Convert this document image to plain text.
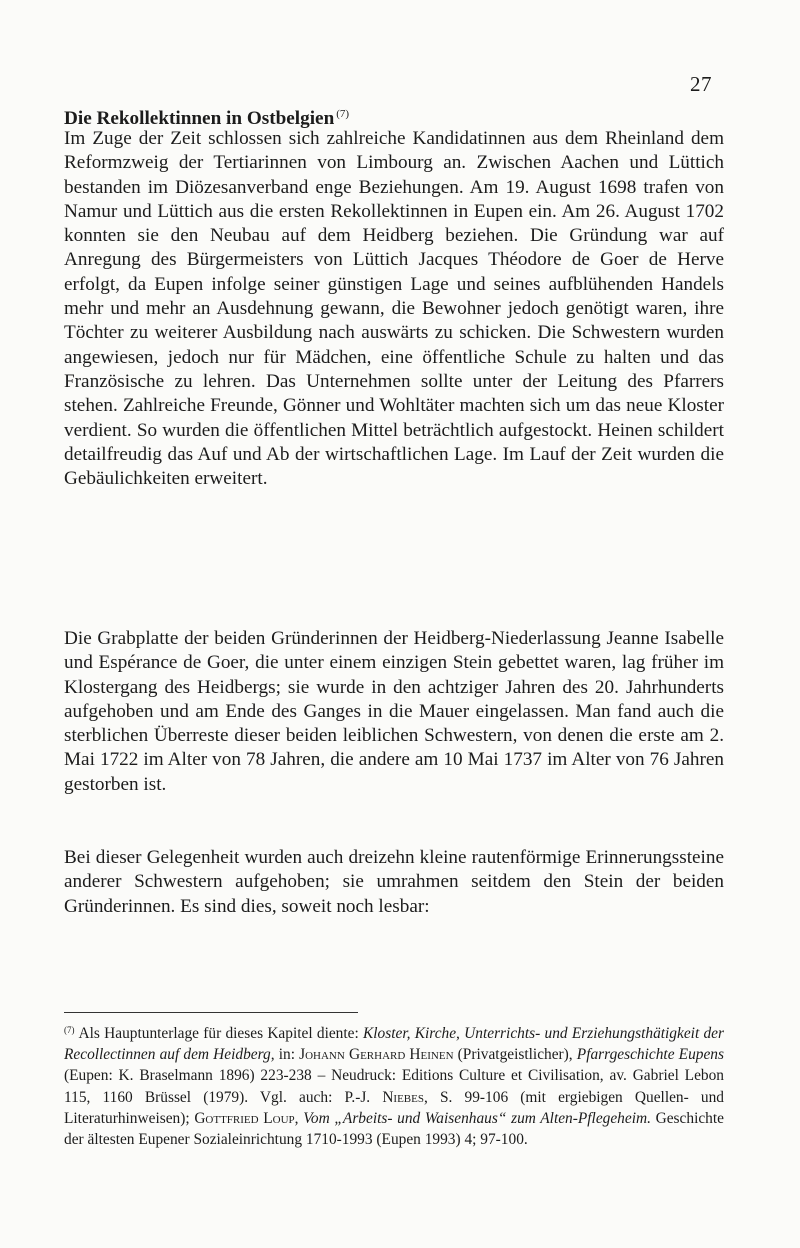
27
Die Rekollektinnen in Ostbelgien $^{(7)}$

Im Zuge der Zeit schlossen sich zahlreiche Kandidatinnen aus dem Rheinland dem Reformzweig der Tertiarinnen von Limbourg an. Zwischen Aachen und Lüttich bestanden im Diözesanverband enge Beziehungen. Am 19. August 1698 trafen von Namur und Lüttich aus die ersten Rekollektinnen in Eupen ein. Am 26. August 1702 konnten sie den Neubau auf dem Heidberg beziehen. Die Gründung war auf Anregung des Bürgermeisters von Lüttich Jacques Théodore de Goer de Herve erfolgt, da Eupen infolge seiner günstigen Lage und seines aufblühenden Handels mehr und mehr an Ausdehnung gewann, die Bewohner jedoch genötigt waren, ihre Töchter zu weiterer Ausbildung nach auswärts zu schicken. Die Schwestern wurden angewiesen, jedoch nur für Mädchen, eine öffentliche Schule zu halten und das Französische zu lehren. Das Unternehmen sollte unter der Leitung des Pfarrers stehen. Zahlreiche Freunde, Gönner und Wohltäter machten sich um das neue Kloster verdient. So wurden die öffentlichen Mittel beträchtlich aufgestockt. Heinen schildert detailfreudig das Auf und Ab der wirtschaftlichen Lage. Im Lauf der Zeit wurden die Gebäulichkeiten erweitert.

Die Grabplatte der beiden Gründerinnen der Heidberg-Niederlassung Jeanne Isabelle und Espérance de Goer, die unter einem einzigen Stein gebettet waren, lag früher im Klostergang des Heidbergs; sie wurde in den achtziger Jahren des 20. Jahrhunderts aufgehoben und am Ende des Ganges in die Mauer eingelassen. Man fand auch die sterblichen Überreste dieser beiden leiblichen Schwestern, von denen die erste am 2. Mai 1722 im Alter von 78 Jahren, die andere am 10 Mai 1737 im Alter von 76 Jahren gestorben ist.

Bei dieser Gelegenheit wurden auch dreizehn kleine rautenförmige Erinnerungssteine anderer Schwestern aufgehoben; sie umrahmen seitdem den Stein der beiden Gründerinnen. Es sind dies, soweit noch lesbar:

$^{(7)}$ Als Hauptunterlage für dieses Kapitel diente: Kloster, Kirche, Unterrichts- und Erziehungsthätigkeit der Recollectinnen auf dem Heidberg, in: Johann Gerhard Heinen (Privatgeistlicher), Pfarrgeschichte Eupens (Eupen: K. Braselmann 1896) 223-238 – Neudruck: Editions Culture et Civilisation, av. Gabriel Lebon 115, 1160 Brüssel (1979). Vgl. auch: P.-J. Niebes, S. 99-106 (mit ergiebigen Quellen- und Literaturhinweisen); Gottfried Loup, Vom „Arbeits- und Waisenhaus“ zum Alten-Pflegeheim. Geschichte der ältesten Eupener Sozialeinrichtung 1710-1993 (Eupen 1993) 4; 97-100.
